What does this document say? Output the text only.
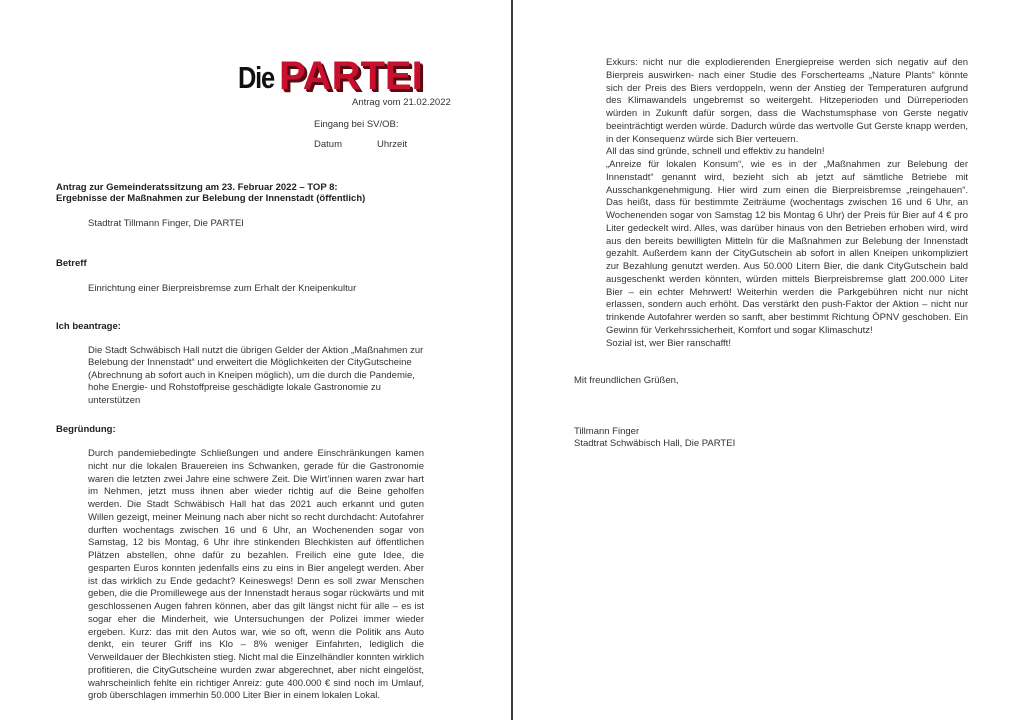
Die PARTEI
Antrag vom 21.02.2022
Eingang bei SV/OB:
Datum	Uhrzeit
Antrag zur Gemeinderatssitzung am 23. Februar 2022 – TOP 8:
Ergebnisse der Maßnahmen zur Belebung der Innenstadt (öffentlich)
Stadtrat Tillmann Finger, Die PARTEI
Betreff
Einrichtung einer Bierpreisbremse zum Erhalt der Kneipenkultur
Ich beantrage:
Die Stadt Schwäbisch Hall nutzt die übrigen Gelder der Aktion „Maßnahmen zur Belebung der Innenstadt“ und erweitert die Möglichkeiten der CityGutscheine (Abrechnung ab sofort auch in Kneipen möglich), um die durch die Pandemie, hohe Energie- und Rohstoffpreise geschädigte lokale Gastronomie zu unterstützen
Begründung:
Durch pandemiebedingte Schließungen und andere Einschränkungen kamen nicht nur die lokalen Brauereien ins Schwanken, gerade für die Gastronomie waren die letzten zwei Jahre eine schwere Zeit. Die Wirt’innen waren zwar hart im Nehmen, jetzt muss ihnen aber wieder richtig auf die Beine geholfen werden. Die Stadt Schwäbisch Hall hat das 2021 auch erkannt und guten Willen gezeigt, meiner Meinung nach aber nicht so recht durchdacht: Autofahrer durften wochentags zwischen 16 und 6 Uhr, an Wochenenden sogar von Samstag, 12 bis Montag, 6 Uhr ihre stinkenden Blechkisten auf öffentlichen Plätzen abstellen, ohne dafür zu bezahlen. Freilich eine gute Idee, die gesparten Euros konnten jedenfalls eins zu eins in Bier angelegt werden. Aber ist das wirklich zu Ende gedacht? Keineswegs! Denn es soll zwar Menschen geben, die die Promillewege aus der Innenstadt heraus sogar rückwärts und mit geschlossenen Augen fahren können, aber das gilt längst nicht für alle – es ist sogar eher die Minderheit, wie Untersuchungen der Polizei immer wieder ergeben. Kurz: das mit den Autos war, wie so oft, wenn die Politik ans Auto denkt, ein teurer Griff ins Klo – 8% weniger Einfahrten, lediglich die Verweildauer der Blechkisten stieg. Nicht mal die Einzelhändler konnten wirklich profitieren, die CityGutscheine wurden zwar abgerechnet, aber nicht eingelöst, wahrscheinlich fehlte ein richtiger Anreiz: gute 400.000 € sind noch im Umlauf, grob überschlagen immerhin 50.000 Liter Bier in einem lokalen Lokal.

Exkurs: nicht nur die explodierenden Energiepreise werden sich negativ auf den Bierpreis auswirken- nach einer Studie des Forscherteams „Nature Plants“ könnte sich der Preis des Biers verdoppeln, wenn der Anstieg der Temperaturen aufgrund des Klimawandels ungebremst so weitergeht. Hitzeperioden und Dürreperioden würden in Zukunft dafür sorgen, dass die Wachstumsphase von Gerste negativ beeinträchtigt werden würde. Dadurch würde das wertvolle Gut Gerste knapp werden, in der Konsequenz würde sich Bier verteuern.

All das sind gründe, schnell und effektiv zu handeln!

„Anreize für lokalen Konsum“, wie es in der „Maßnahmen zur Belebung der Innenstadt“ genannt wird, bezieht sich ab jetzt auf sämtliche Betriebe mit Ausschankgenehmigung. Hier wird zum einen die Bierpreisbremse „reingehauen“. Das heißt, dass für bestimmte Zeiträume (wochentags zwischen 16 und 6 Uhr, an Wochenenden sogar von Samstag 12 bis Montag 6 Uhr) der Preis für Bier auf 4 € pro Liter gedeckelt wird. Alles, was darüber hinaus von den Betrieben erhoben wird, wird aus den bereits bewilligten Mitteln für die Maßnahmen zur Belebung der Innenstadt gezahlt. Außerdem kann der CityGutschein ab sofort in allen Kneipen unkompliziert zur Bezahlung genutzt werden. Aus 50.000 Litern Bier, die dank CityGutschein bald ausgeschenkt werden könnten, würden mittels Bierpreisbremse glatt 200.000 Liter Bier – ein echter Mehrwert! Weiterhin werden die Parkgebühren nicht nur nicht erlassen, sondern auch erhöht. Das verstärkt den push-Faktor der Aktion – nicht nur trinkende Autofahrer werden so sanft, aber bestimmt Richtung ÖPNV geschoben. Ein Gewinn für Verkehrssicherheit, Komfort und sogar Klimaschutz!

Sozial ist, wer Bier ranschafft!

Mit freundlichen Grüßen,
Tillmann Finger
Stadtrat Schwäbisch Hall, Die PARTEI
